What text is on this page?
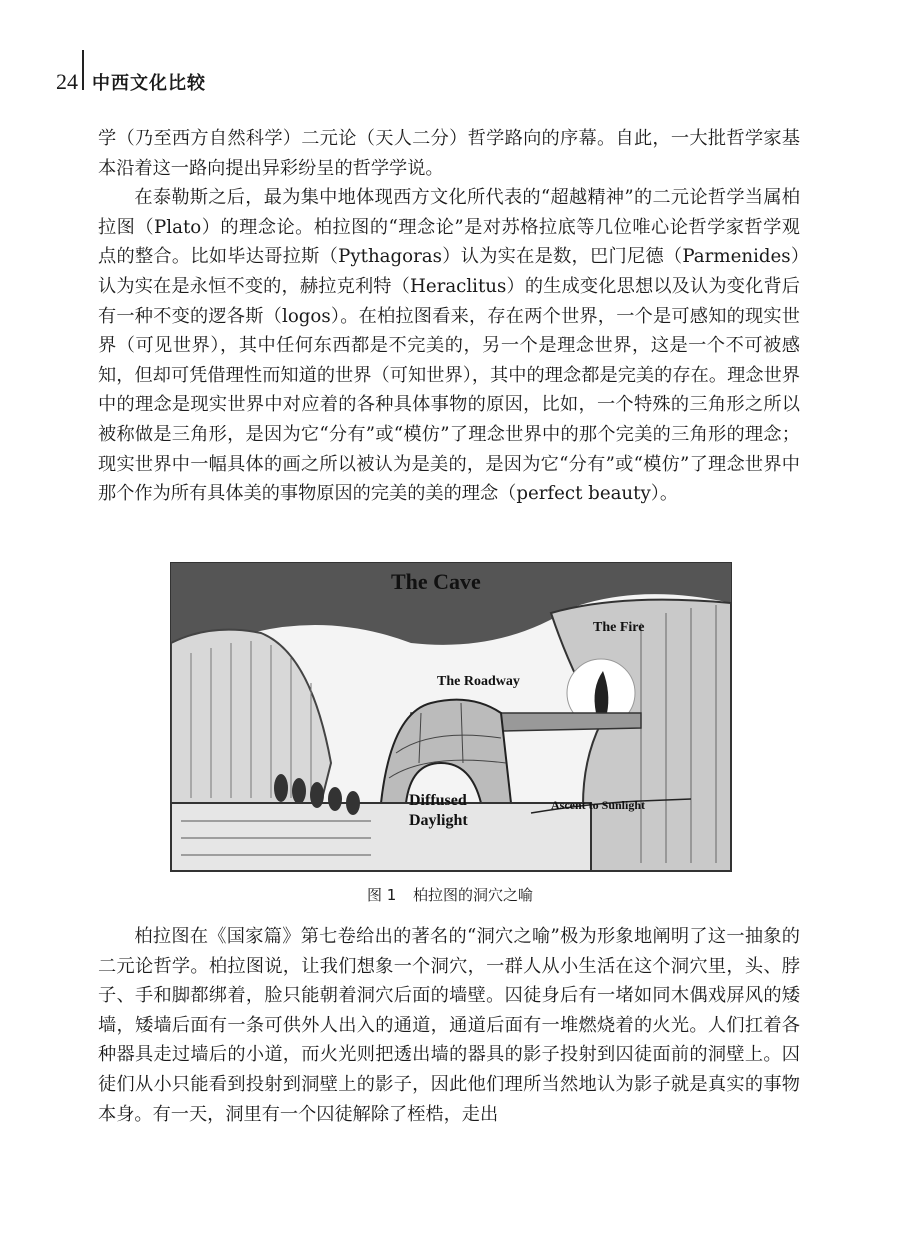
24 中西文化比较

学（乃至西方自然科学）二元论（天人二分）哲学路向的序幕。自此，一大批哲学家基本沿着这一路向提出异彩纷呈的哲学学说。

在泰勒斯之后，最为集中地体现西方文化所代表的“超越精神”的二元论哲学当属柏拉图（Plato）的理念论。柏拉图的“理念论”是对苏格拉底等几位唯心论哲学家哲学观点的整合。比如毕达哥拉斯（Pythagoras）认为实在是数，巴门尼德（Parmenides）认为实在是永恒不变的，赫拉克利特（Heraclitus）的生成变化思想以及认为变化背后有一种不变的逻各斯（logos）。在柏拉图看来，存在两个世界，一个是可感知的现实世界（可见世界），其中任何东西都是不完美的，另一个是理念世界，这是一个不可被感知，但却可凭借理性而知道的世界（可知世界），其中的理念都是完美的存在。理念世界中的理念是现实世界中对应着的各种具体事物的原因，比如，一个特殊的三角形之所以被称做是三角形，是因为它“分有”或“模仿”了理念世界中的那个完美的三角形的理念；现实世界中一幅具体的画之所以被认为是美的，是因为它“分有”或“模仿”了理念世界中那个作为所有具体美的事物原因的完美的美的理念（perfect beauty）。

The Cave
The Fire
The Roadway
Diffused
Daylight
Ascent to Sunlight
图 1 柏拉图的洞穴之喻

柏拉图在《国家篇》第七卷给出的著名的“洞穴之喻”极为形象地阐明了这一抽象的二元论哲学。柏拉图说，让我们想象一个洞穴，一群人从小生活在这个洞穴里，头、脖子、手和脚都绑着，脸只能朝着洞穴后面的墙壁。囚徒身后有一堵如同木偶戏屏风的矮墙，矮墙后面有一条可供外人出入的通道，通道后面有一堆燃烧着的火光。人们扛着各种器具走过墙后的小道，而火光则把透出墙的器具的影子投射到囚徒面前的洞壁上。囚徒们从小只能看到投射到洞壁上的影子，因此他们理所当然地认为影子就是真实的事物本身。有一天，洞里有一个囚徒解除了桎梏，走出
